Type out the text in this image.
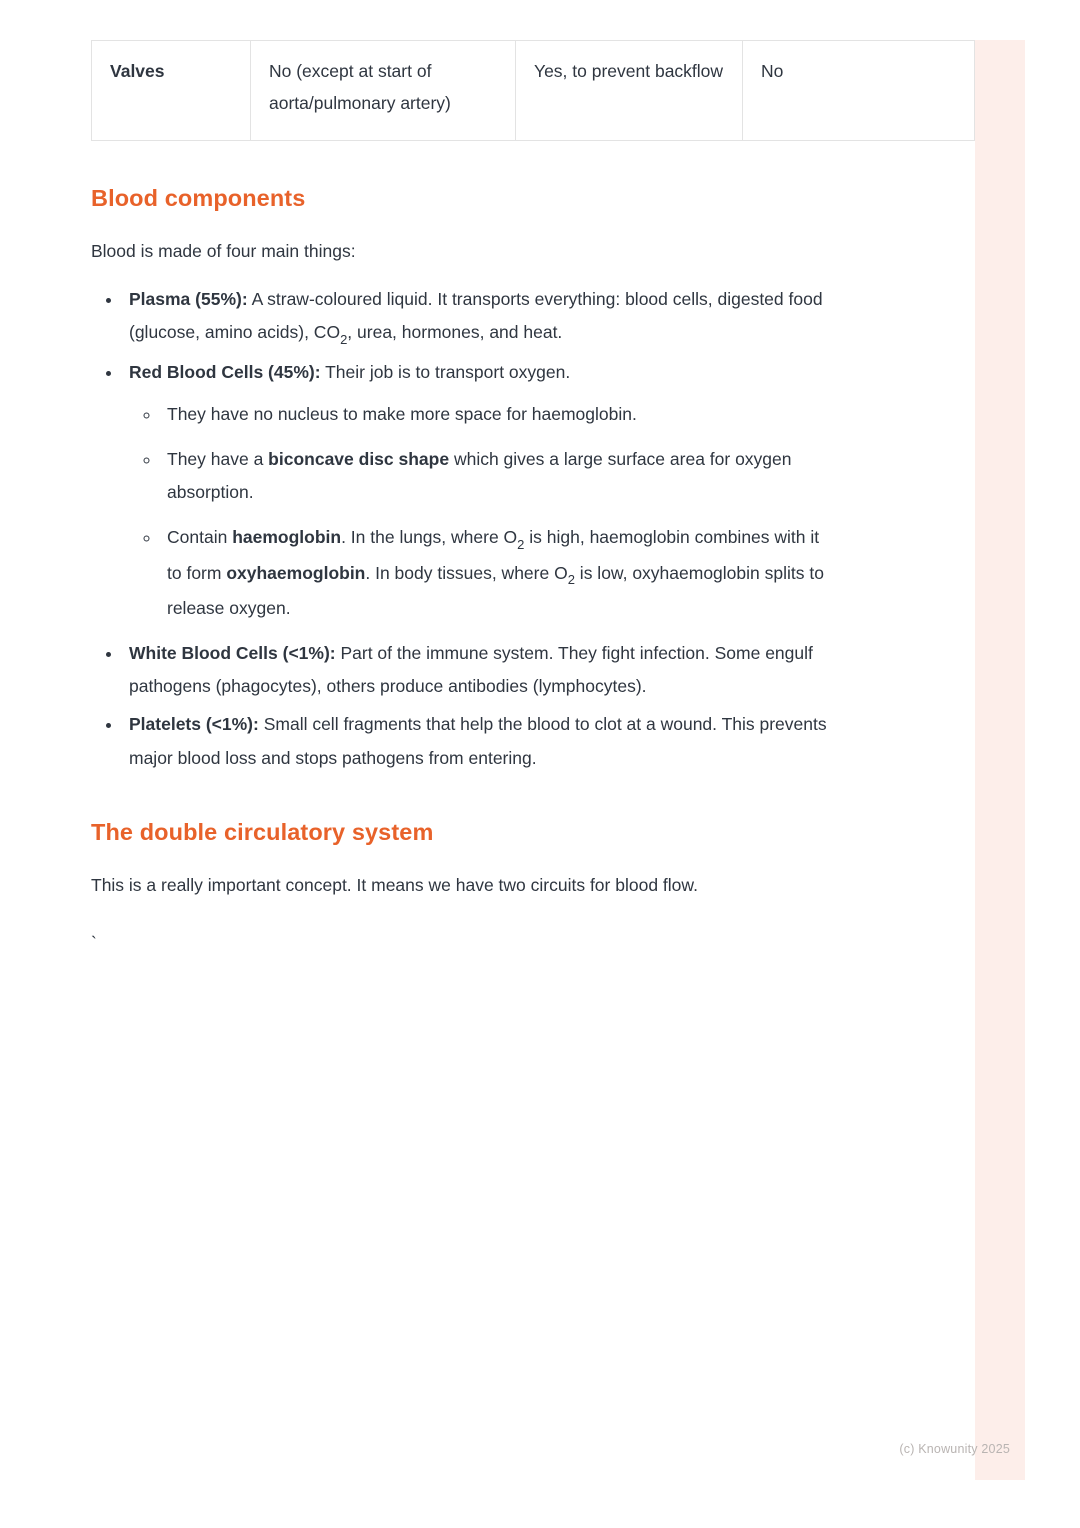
Valves	No (except at start of aorta/pulmonary artery)	Yes, to prevent backflow	No
Blood components

Blood is made of four main things:

• Plasma (55%): A straw-coloured liquid. It transports everything: blood cells, digested food (glucose, amino acids), $CO_2$, urea, hormones, and heat.
• Red Blood Cells (45%): Their job is to transport oxygen.
◦ They have no nucleus to make more space for haemoglobin.
◦ They have a biconcave disc shape which gives a large surface area for oxygen absorption.
◦ Contain haemoglobin. In the lungs, where $O_2$ is high, haemoglobin combines with it to form oxyhaemoglobin. In body tissues, where $O_2$ is low, oxyhaemoglobin splits to release oxygen.
• White Blood Cells (<1%): Part of the immune system. They fight infection. Some engulf pathogens (phagocytes), others produce antibodies (lymphocytes).
• Platelets (<1%): Small cell fragments that help the blood to clot at a wound. This prevents major blood loss and stops pathogens from entering.
The double circulatory system

This is a really important concept. It means we have two circuits for blood flow.

`
(c) Knowunity 2025
